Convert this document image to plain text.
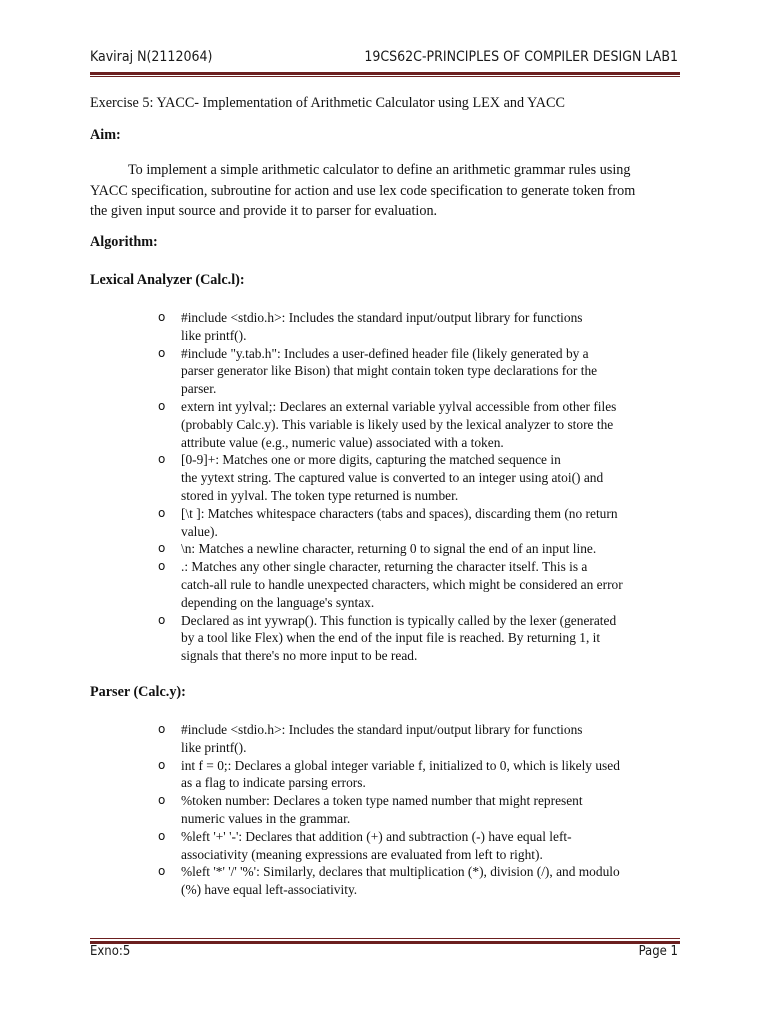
Kaviraj N(2112064)	19CS62C-PRINCIPLES OF COMPILER DESIGN LAB1
Exercise 5: YACC- Implementation of Arithmetic Calculator using LEX and YACC
Aim:
To implement a simple arithmetic calculator to define an arithmetic grammar rules using
YACC specification, subroutine for action and use lex code specification to generate token from
the given input source and provide it to parser for evaluation.
Algorithm:
Lexical Analyzer (Calc.l):
o #include <stdio.h>: Includes the standard input/output library for functions
like printf().
o #include "y.tab.h": Includes a user-defined header file (likely generated by a
parser generator like Bison) that might contain token type declarations for the
parser.
o extern int yylval;: Declares an external variable yylval accessible from other files
(probably Calc.y). This variable is likely used by the lexical analyzer to store the
attribute value (e.g., numeric value) associated with a token.
o [0-9]+: Matches one or more digits, capturing the matched sequence in
the yytext string. The captured value is converted to an integer using atoi() and
stored in yylval. The token type returned is number.
o [\t ]: Matches whitespace characters (tabs and spaces), discarding them (no return
value).
o \n: Matches a newline character, returning 0 to signal the end of an input line.
o .: Matches any other single character, returning the character itself. This is a
catch-all rule to handle unexpected characters, which might be considered an error
depending on the language's syntax.
o Declared as int yywrap(). This function is typically called by the lexer (generated
by a tool like Flex) when the end of the input file is reached. By returning 1, it
signals that there's no more input to be read.
Parser (Calc.y):
o #include <stdio.h>: Includes the standard input/output library for functions
like printf().
o int f = 0;: Declares a global integer variable f, initialized to 0, which is likely used
as a flag to indicate parsing errors.
o %token number: Declares a token type named number that might represent
numeric values in the grammar.
o %left '+' '-': Declares that addition (+) and subtraction (-) have equal left-
associativity (meaning expressions are evaluated from left to right).
o %left '*' '/' '%': Similarly, declares that multiplication (*), division (/), and modulo
(%) have equal left-associativity.
Exno:5	Page 1
